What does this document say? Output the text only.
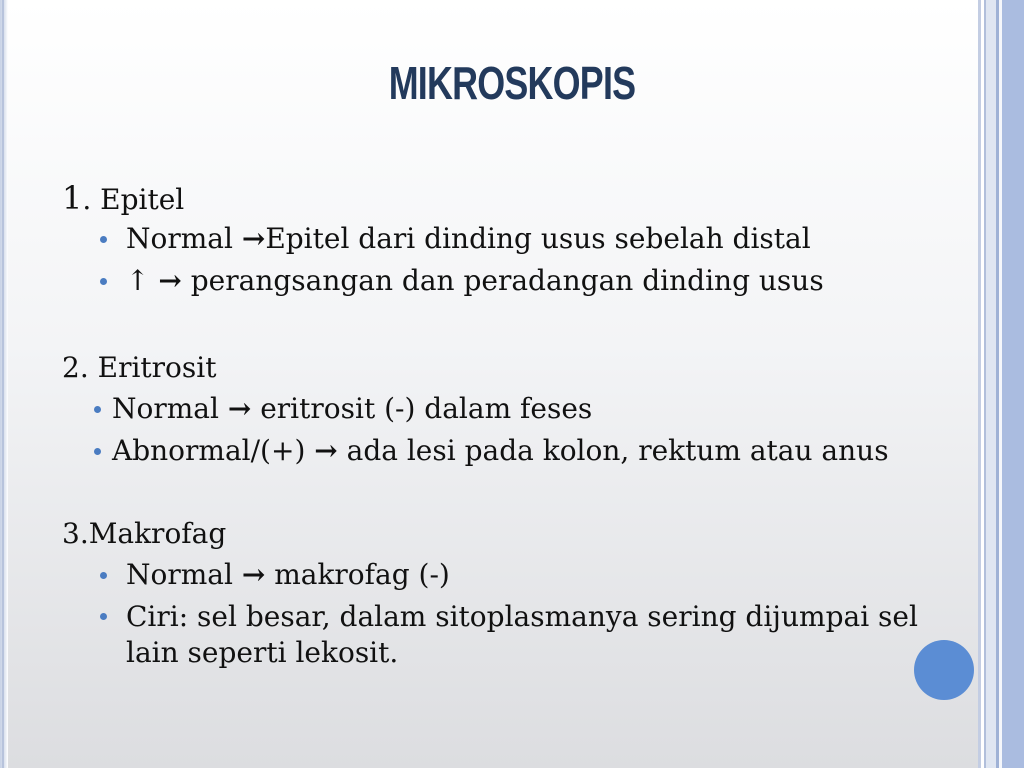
MIKROSKOPIS
1. Epitel
Normal →Epitel dari dinding usus sebelah distal
↑ → perangsangan dan peradangan dinding usus
2. Eritrosit
Normal → eritrosit (-) dalam feses
Abnormal/(+) → ada lesi pada kolon, rektum atau anus
3.Makrofag
Normal → makrofag (-)
Ciri: sel besar, dalam sitoplasmanya sering dijumpai sel lain seperti lekosit.
